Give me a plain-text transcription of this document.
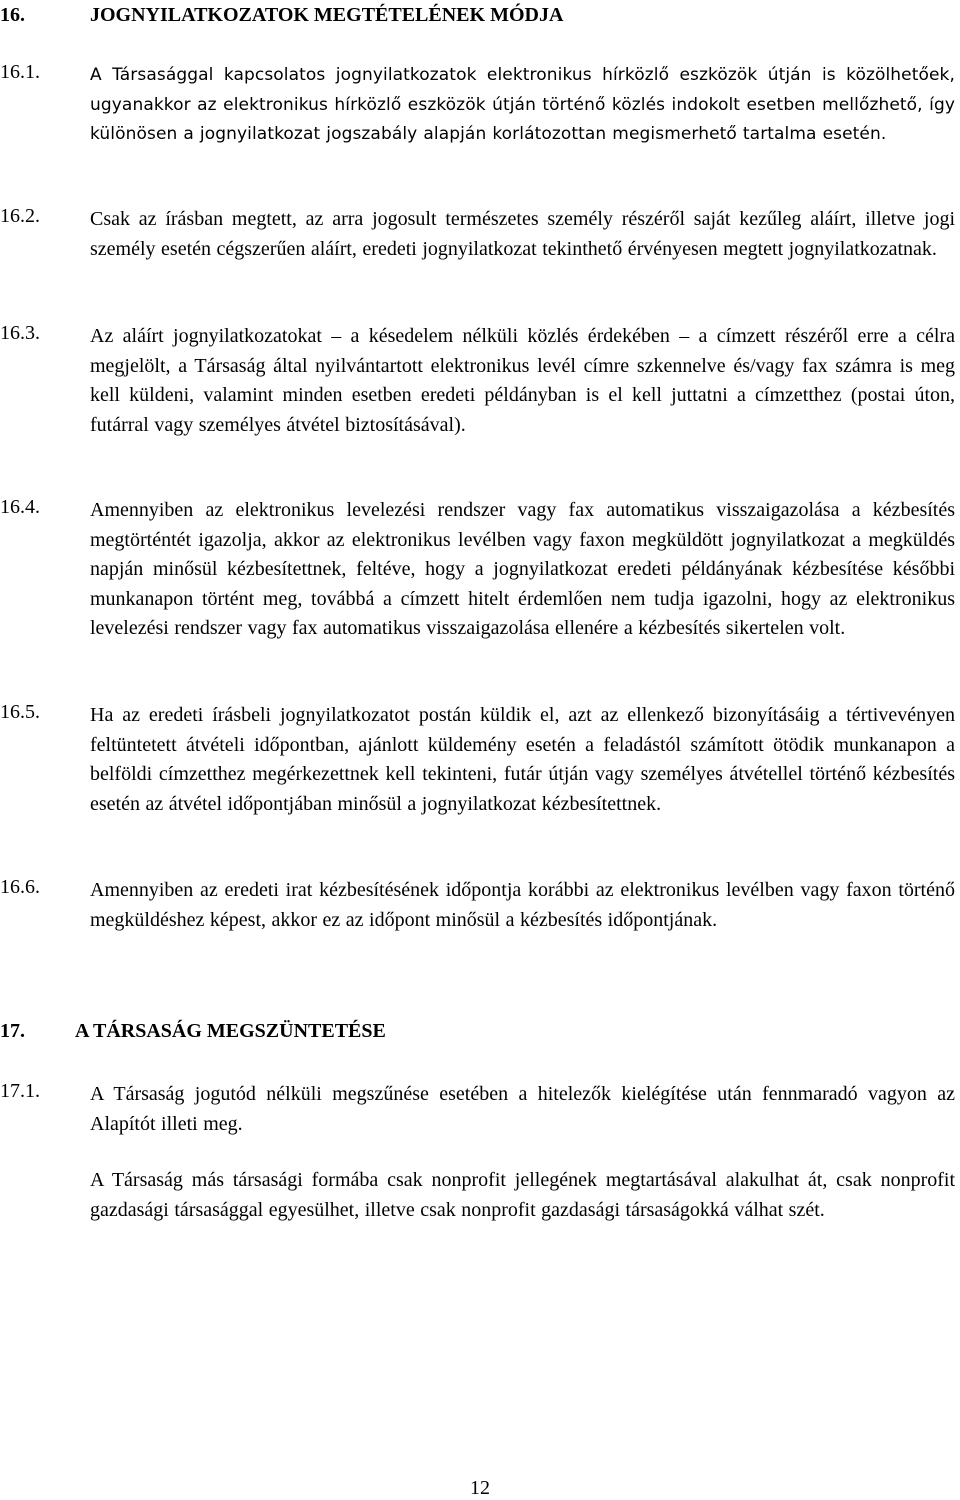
16.	JOGNYILATKOZATOK MEGTÉTELÉNEK MÓDJA
16.1.	A Társasággal kapcsolatos jognyilatkozatok elektronikus hírközlő eszközök útján is közölhetőek, ugyanakkor az elektronikus hírközlő eszközök útján történő közlés indokolt esetben mellőzhető, így különösen a jognyilatkozat jogszabály alapján korlátozottan megismerhető tartalma esetén.
16.2.	Csak az írásban megtett, az arra jogosult természetes személy részéről saját kezűleg aláírt, illetve jogi személy esetén cégszerűen aláírt, eredeti jognyilatkozat tekinthető érvényesen megtett jognyilatkozatnak.
16.3.	Az aláírt jognyilatkozatokat – a késedelem nélküli közlés érdekében – a címzett részéről erre a célra megjelölt, a Társaság által nyilvántartott elektronikus levél címre szkennelve és/vagy fax számra is meg kell küldeni, valamint minden esetben eredeti példányban is el kell juttatni a címzetthez (postai úton, futárral vagy személyes átvétel biztosításával).
16.4.	Amennyiben az elektronikus levelezési rendszer vagy fax automatikus visszaigazolása a kézbesítés megtörténtét igazolja, akkor az elektronikus levélben vagy faxon megküldött jognyilatkozat a megküldés napján minősül kézbesítettnek, feltéve, hogy a jognyilatkozat eredeti példányának kézbesítése későbbi munkanapon történt meg, továbbá a címzett hitelt érdemlően nem tudja igazolni, hogy az elektronikus levelezési rendszer vagy fax automatikus visszaigazolása ellenére a kézbesítés sikertelen volt.
16.5.	Ha az eredeti írásbeli jognyilatkozatot postán küldik el, azt az ellenkező bizonyításáig a tértivevényen feltüntetett átvételi időpontban, ajánlott küldemény esetén a feladástól számított ötödik munkanapon a belföldi címzetthez megérkezettnek kell tekinteni, futár útján vagy személyes átvétellel történő kézbesítés esetén az átvétel időpontjában minősül a jognyilatkozat kézbesítettnek.
16.6.	Amennyiben az eredeti irat kézbesítésének időpontja korábbi az elektronikus levélben vagy faxon történő megküldéshez képest, akkor ez az időpont minősül a kézbesítés időpontjának.
17.	A TÁRSASÁG MEGSZÜNTETÉSE
17.1.	A Társaság jogutód nélküli megszűnése esetében a hitelezők kielégítése után fennmaradó vagyon az Alapítót illeti meg.
A Társaság más társasági formába csak nonprofit jellegének megtartásával alakulhat át, csak nonprofit gazdasági társasággal egyesülhet, illetve csak nonprofit gazdasági társaságokká válhat szét.
12
